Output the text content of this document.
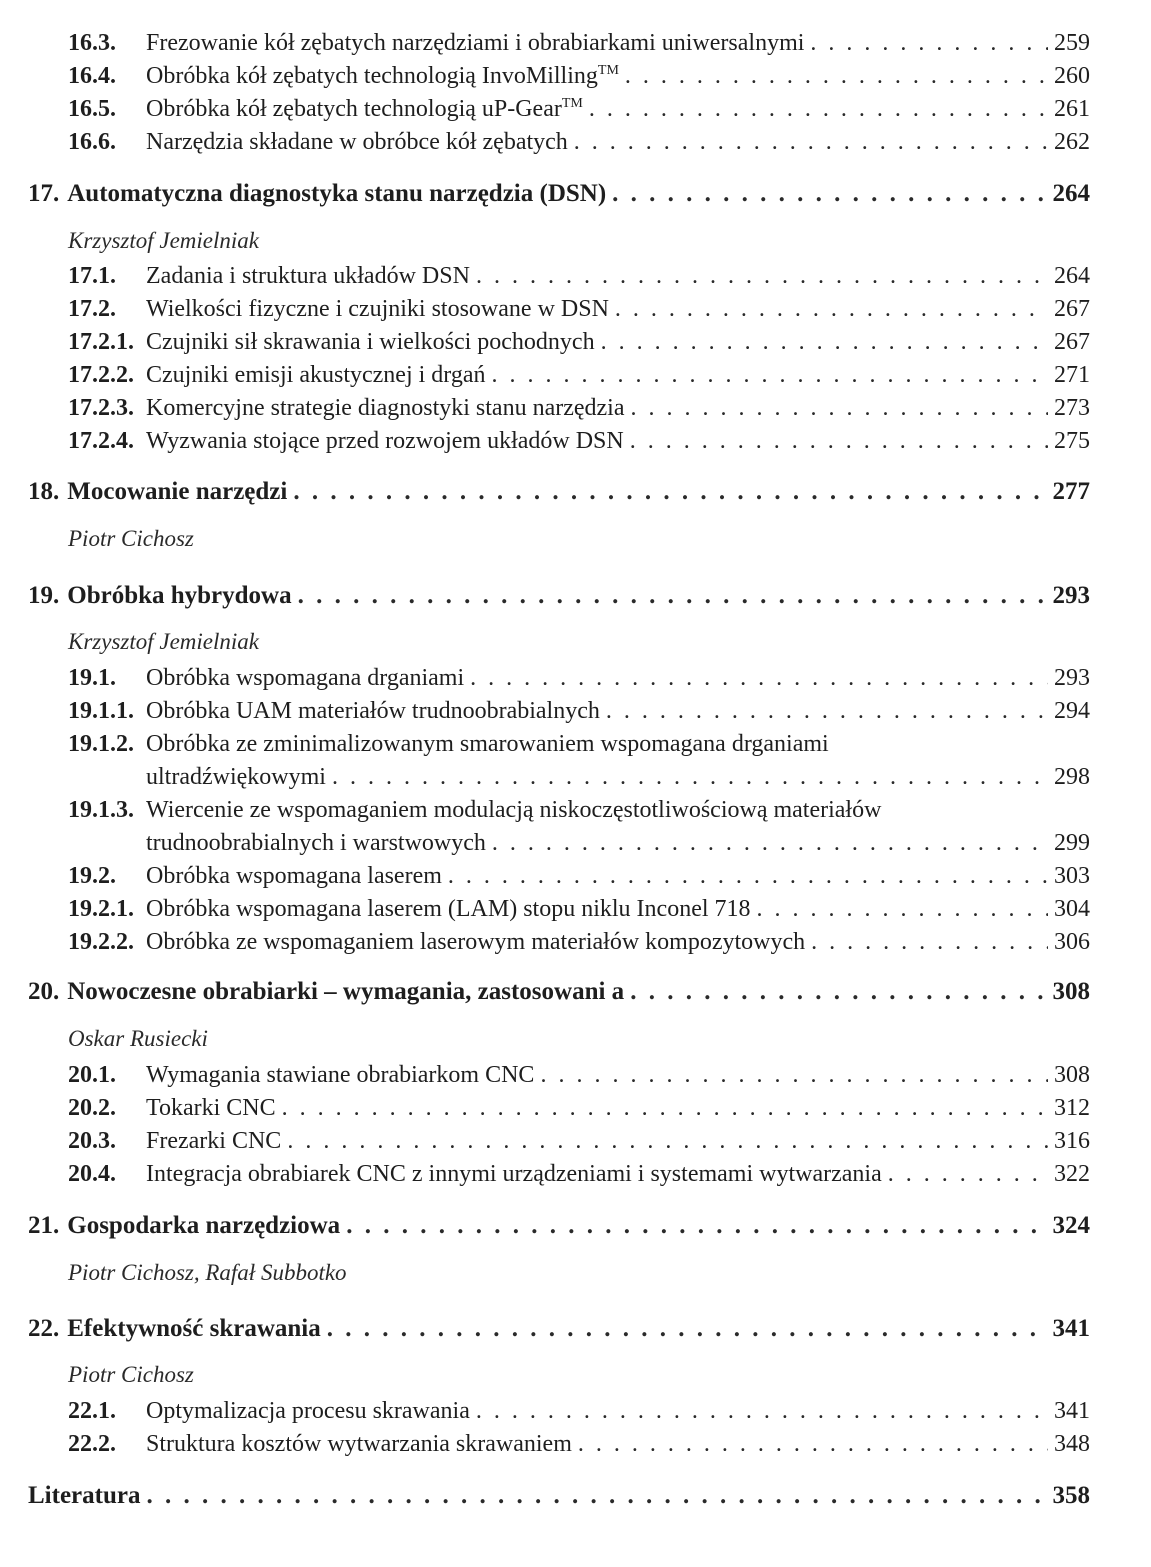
16.3.	Frezowanie kół zębatych narzędziami i obrabiarkami uniwersalnymi . . .	259
16.4.	Obróbka kół zębatych technologią InvoMilling™ . . .	260
16.5.	Obróbka kół zębatych technologią uP-Gear™ . . .	261
16.6.	Narzędzia składane w obróbce kół zębatych . . .	262
17. Automatyczna diagnostyka stanu narzędzia (DSN) . . .	264
Krzysztof Jemielniak
17.1.	Zadania i struktura układów DSN . . .	264
17.2.	Wielkości fizyczne i czujniki stosowane w DSN . . .	267
17.2.1. Czujniki sił skrawania i wielkości pochodnych . . .	267
17.2.2. Czujniki emisji akustycznej i drgań . . .	271
17.2.3. Komercyjne strategie diagnostyki stanu narzędzia . . .	273
17.2.4. Wyzwania stojące przed rozwojem układów DSN . . .	275
18. Mocowanie narzędzi . . .	277
Piotr Cichosz
19. Obróbka hybrydowa . . .	293
Krzysztof Jemielniak
19.1.	Obróbka wspomagana drganiami . . .	293
19.1.1. Obróbka UAM materiałów trudnoobrabialnych . . .	294
19.1.2. Obróbka ze zminimalizowanym smarowaniem wspomagana drganiami
ultradźwiękowymi . . .	298
19.1.3. Wiercenie ze wspomaganiem modulacją niskoczęstotliwościową materiałów
trudnoobrabialnych i warstwowych . . .	299
19.2.	Obróbka wspomagana laserem . . .	303
19.2.1. Obróbka wspomagana laserem (LAM) stopu niklu Inconel 718 . . .	304
19.2.2. Obróbka ze wspomaganiem laserowym materiałów kompozytowych . . .	306
20. Nowoczesne obrabiarki – wymagania, zastosowani a . . .	308
Oskar Rusiecki
20.1.	Wymagania stawiane obrabiarkom CNC . . .	308
20.2.	Tokarki CNC . . .	312
20.3.	Frezarki CNC . . .	316
20.4.	Integracja obrabiarek CNC z innymi urządzeniami i systemami wytwarzania . . .	322
21. Gospodarka narzędziowa . . .	324
Piotr Cichosz, Rafał Subbotko
22. Efektywność skrawania . . .	341
Piotr Cichosz
22.1.	Optymalizacja procesu skrawania . . .	341
22.2.	Struktura kosztów wytwarzania skrawaniem . . .	348
Literatura . . .	358
